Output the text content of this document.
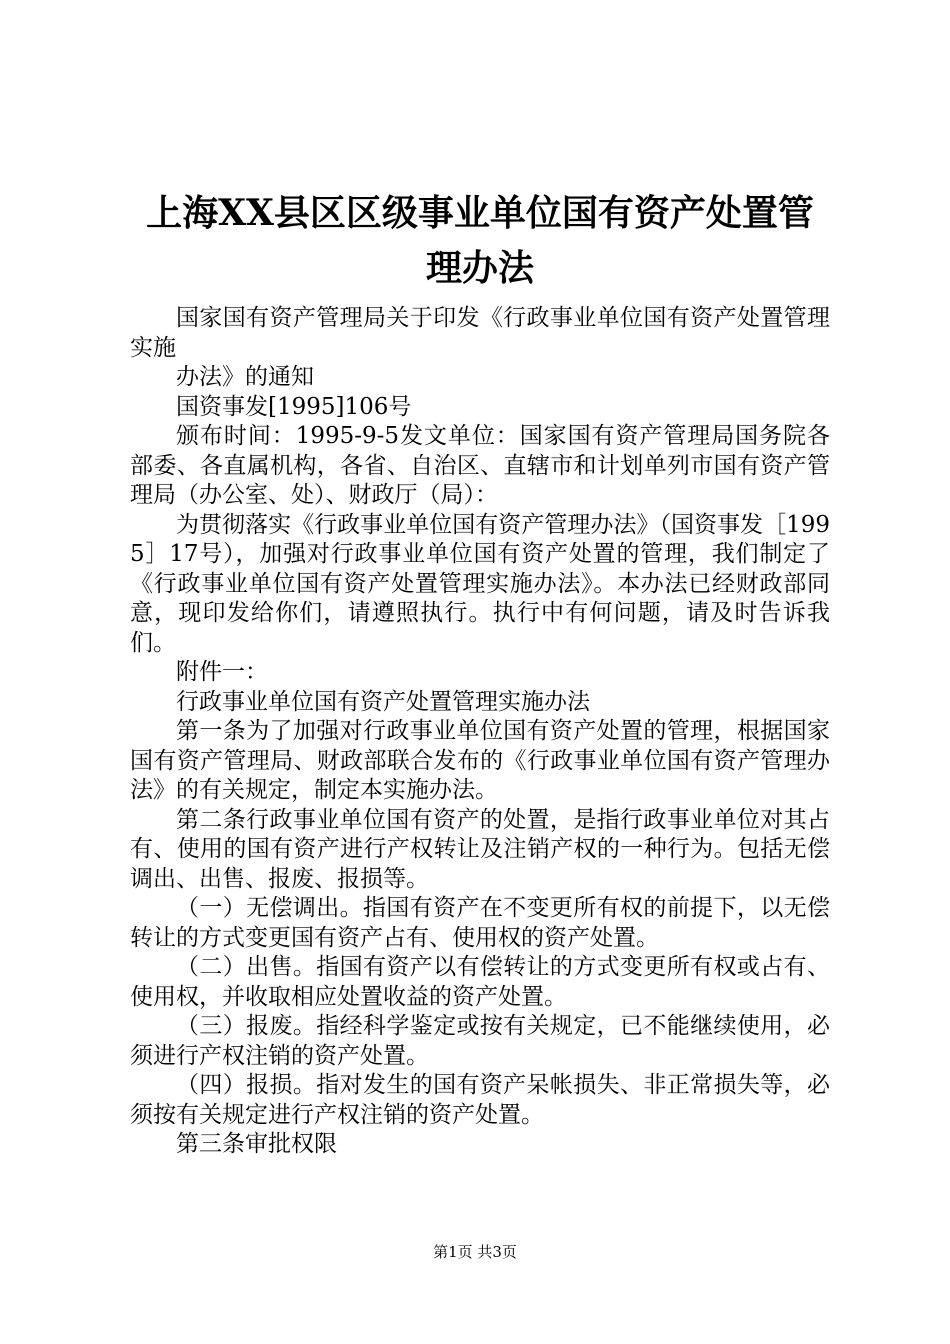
上海XX县区区级事业单位国有资产处置管理办法

国家国有资产管理局关于印发《行政事业单位国有资产处置管理实施

办法》的通知

国资事发[1995]106号

颁布时间：1995-9-5发文单位：国家国有资产管理局国务院各部委、各直属机构，各省、自治区、直辖市和计划单列市国有资产管理局（办公室、处）、财政厅（局）：

为贯彻落实《行政事业单位国有资产管理办法》（国资事发［1995］17号），加强对行政事业单位国有资产处置的管理，我们制定了《行政事业单位国有资产处置管理实施办法》。本办法已经财政部同意，现印发给你们，请遵照执行。执行中有何问题，请及时告诉我们。

附件一：

行政事业单位国有资产处置管理实施办法

第一条为了加强对行政事业单位国有资产处置的管理，根据国家国有资产管理局、财政部联合发布的《行政事业单位国有资产管理办法》的有关规定，制定本实施办法。

第二条行政事业单位国有资产的处置，是指行政事业单位对其占有、使用的国有资产进行产权转让及注销产权的一种行为。包括无偿调出、出售、报废、报损等。

（一）无偿调出。指国有资产在不变更所有权的前提下，以无偿转让的方式变更国有资产占有、使用权的资产处置。

（二）出售。指国有资产以有偿转让的方式变更所有权或占有、使用权，并收取相应处置收益的资产处置。

（三）报废。指经科学鉴定或按有关规定，已不能继续使用，必须进行产权注销的资产处置。

（四）报损。指对发生的国有资产呆帐损失、非正常损失等，必须按有关规定进行产权注销的资产处置。

第三条审批权限

第1页 共3页
